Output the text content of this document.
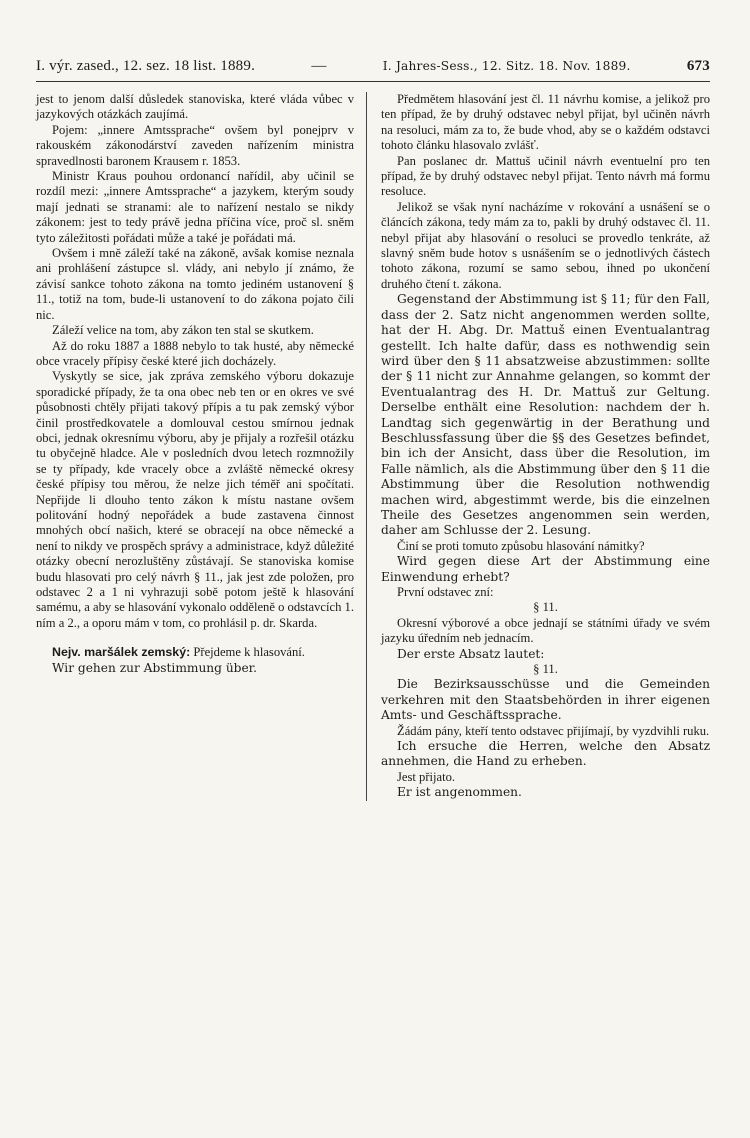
I. výr. zased., 12. sez. 18 list. 1889.	—	I. Jahres-Sess., 12. Sitz. 18. Nov. 1889.	673

jest to jenom další důsledek stanoviska, které vláda vůbec v jazykových otázkách zaujímá.

Pojem: „innere Amtssprache“ ovšem byl ponejprv v rakouském zákonodárství zaveden nařízením ministra spravedlnosti baronem Krausem r. 1853.

Ministr Kraus pouhou ordonancí nařídil, aby učinil se rozdíl mezi: „innere Amtssprache“ a jazykem, kterým soudy mají jednati se stranami: ale to nařízení nestalo se nikdy zákonem: jest to tedy právě jedna příčina více, proč sl. sněm tyto záležitosti pořádati může a také je pořádati má.

Ovšem i mně záleží také na zákoně, avšak komise neznala ani prohlášení zástupce sl. vlády, ani nebylo jí známo, že závisí sankce tohoto zákona na tomto jediném ustanovení § 11., totiž na tom, bude-li ustanovení to do zákona pojato čili nic.

Záleží velice na tom, aby zákon ten stal se skutkem.

Až do roku 1887 a 1888 nebylo to tak husté, aby německé obce vracely přípisy české které jich docházely.

Vyskytly se sice, jak zpráva zemského výboru dokazuje sporadické případy, že ta ona obec neb ten or en okres ve své působnosti chtěly přijati takový přípis a tu pak zemský výbor činil prostředkovatele a domlouval cestou smírnou jednak obci, jednak okresnímu výboru, aby je přijaly a rozřešil otázku tu obyčejně hladce. Ale v posledních dvou letech rozmnožily se ty případy, kde vracely obce a zvláště německé okresy české přípisy tou měrou, že nelze jich téměř ani spočítati. Nepřijde li dlouho tento zákon k místu nastane ovšem politování hodný nepořádek a bude zastavena činnost mnohých obcí našich, které se obracejí na obce německé a není to nikdy ve prospěch správy a administrace, když důležité otázky obecní nerozluštěny zůstávají. Se stanoviska komise budu hlasovati pro celý návrh § 11., jak jest zde položen, pro odstavec 2 a 1 ni vyhrazuji sobě potom ještě k hlasování samému, a aby se hlasování vykonalo odděleně o odstavcích 1. ním a 2., a oporu mám v tom, co prohlásil p. dr. Skarda.

Nejv. maršálek zemský: Přejdeme k hlasování.

Wir gehen zur Abstimmung über.

Předmětem hlasování jest čl. 11 návrhu komise, a jelikož pro ten případ, že by druhý odstavec nebyl přijat, byl učiněn návrh na resoluci, mám za to, že bude vhod, aby se o každém odstavci tohoto článku hlasovalo zvlášť.

Pan poslanec dr. Mattuš učinil návrh eventuelní pro ten případ, že by druhý odstavec nebyl přijat. Tento návrh má formu resoluce.

Jelikož se však nyní nacházíme v rokování a usnášení se o článcích zákona, tedy mám za to, pakli by druhý odstavec čl. 11. nebyl přijat aby hlasování o resoluci se provedlo tenkráte, až slavný sněm bude hotov s usnášením se o jednotlivých částech tohoto zákona, rozumí se samo sebou, ihned po ukončení druhého čtení t. zákona.

Gegenstand der Abstimmung ist § 11; für den Fall, dass der 2. Satz nicht angenommen werden sollte, hat der H. Abg. Dr. Mattuš einen Eventualantrag gestellt. Ich halte dafür, dass es nothwendig sein wird über den § 11 absatzweise abzustimmen: sollte der § 11 nicht zur Annahme gelangen, so kommt der Eventualantrag des H. Dr. Mattuš zur Geltung. Derselbe enthält eine Resolution: nachdem der h. Landtag sich gegenwärtig in der Berathung und Beschlussfassung über die §§ des Gesetzes befindet, bin ich der Ansicht, dass über die Resolution, im Falle nämlich, als die Abstimmung über den § 11 die Abstimmung über die Resolution nothwendig machen wird, abgestimmt werde, bis die einzelnen Theile des Gesetzes angenommen sein werden, daher am Schlusse der 2. Lesung.

Činí se proti tomuto způsobu hlasování námitky?

Wird gegen diese Art der Abstimmung eine Einwendung erhebt?

První odstavec zní:

§ 11.

Okresní výborové a obce jednají se státními úřady ve svém jazyku úředním neb jednacím.

Der erste Absatz lautet:

§ 11.

Die Bezirksausschüsse und die Gemeinden verkehren mit den Staatsbehörden in ihrer eigenen Amts- und Geschäftssprache.

Žádám pány, kteří tento odstavec přijímají, by vyzdvihli ruku.

Ich ersuche die Herren, welche den Absatz annehmen, die Hand zu erheben.

Jest přijato.

Er ist angenommen.
